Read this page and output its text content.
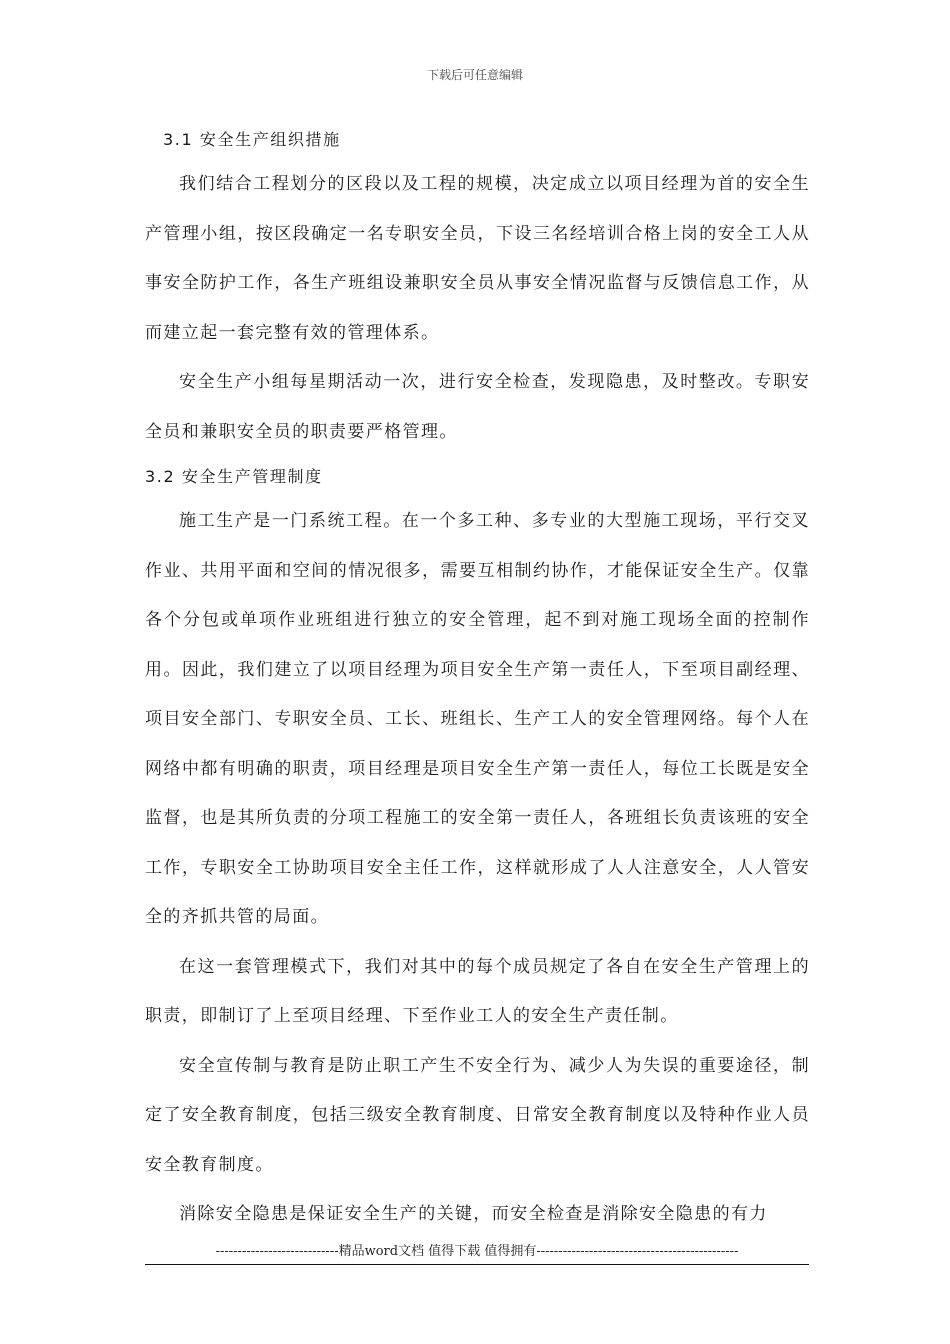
下载后可任意编辑
3.1 安全生产组织措施

我们结合工程划分的区段以及工程的规模，决定成立以项目经理为首的安全生产管理小组，按区段确定一名专职安全员，下设三名经培训合格上岗的安全工人从事安全防护工作，各生产班组设兼职安全员从事安全情况监督与反馈信息工作，从而建立起一套完整有效的管理体系。

安全生产小组每星期活动一次，进行安全检查，发现隐患，及时整改。专职安全员和兼职安全员的职责要严格管理。

3.2 安全生产管理制度

施工生产是一门系统工程。在一个多工种、多专业的大型施工现场，平行交叉作业、共用平面和空间的情况很多，需要互相制约协作，才能保证安全生产。仅靠各个分包或单项作业班组进行独立的安全管理，起不到对施工现场全面的控制作用。因此，我们建立了以项目经理为项目安全生产第一责任人，下至项目副经理、项目安全部门、专职安全员、工长、班组长、生产工人的安全管理网络。每个人在网络中都有明确的职责，项目经理是项目安全生产第一责任人，每位工长既是安全监督，也是其所负责的分项工程施工的安全第一责任人，各班组长负责该班的安全工作，专职安全工协助项目安全主任工作，这样就形成了人人注意安全，人人管安全的齐抓共管的局面。

在这一套管理模式下，我们对其中的每个成员规定了各自在安全生产管理上的职责，即制订了上至项目经理、下至作业工人的安全生产责任制。

安全宣传制与教育是防止职工产生不安全行为、减少人为失误的重要途径，制定了安全教育制度，包括三级安全教育制度、日常安全教育制度以及特种作业人员安全教育制度。

消除安全隐患是保证安全生产的关键，而安全检查是消除安全隐患的有力

----------------------------精品word文档 值得下载 值得拥有----------------------------------------------
